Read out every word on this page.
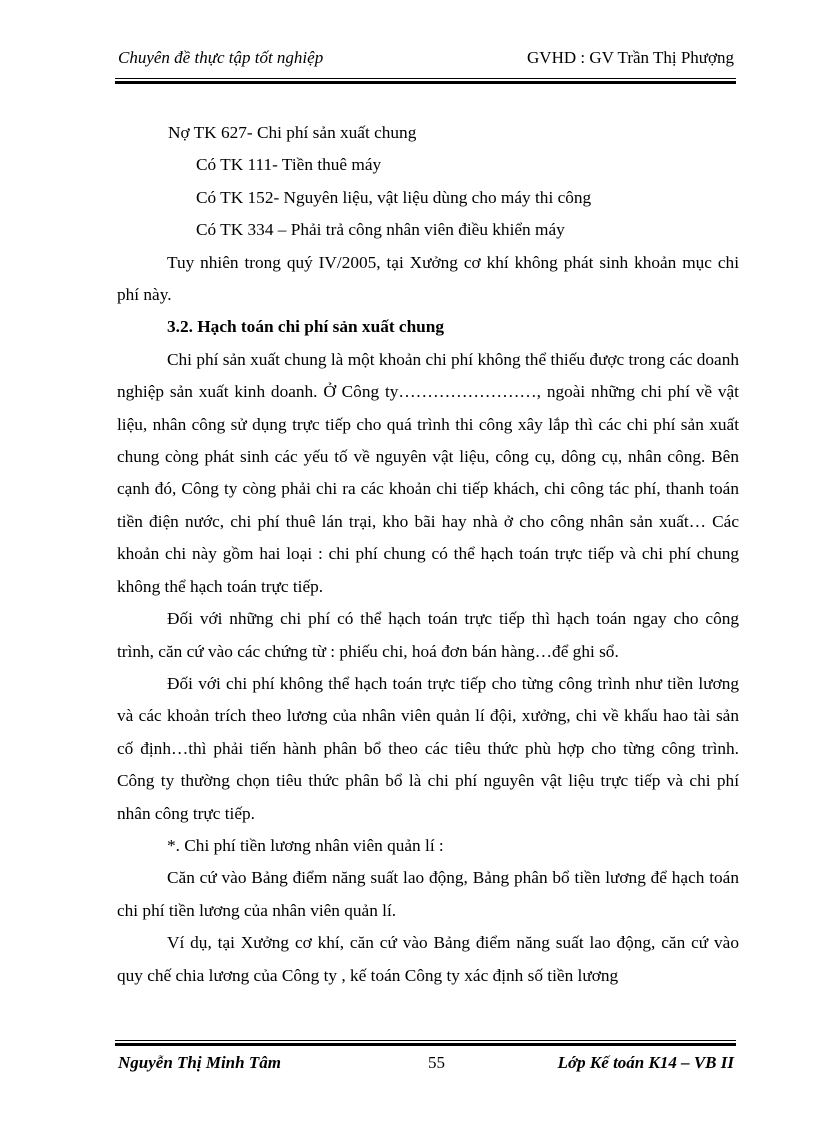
Chuyên đề thực tập tốt nghiệp	GVHD : GV Trần Thị Phượng

Nợ TK 627- Chi phí sản xuất chung

Có TK 111- Tiền thuê máy

Có TK 152- Nguyên liệu, vật liệu dùng cho máy thi công

Có TK 334 – Phải trả công nhân viên điều khiển máy

Tuy nhiên trong quý IV/2005, tại Xưởng cơ khí không phát sinh khoản mục chi phí này.

3.2. Hạch toán chi phí sản xuất chung

Chi phí sản xuất chung là một khoản chi phí không thể thiếu được trong các doanh nghiệp sản xuất kinh doanh. Ở Công ty……………………, ngoài những chi phí về vật liệu, nhân công sử dụng trực tiếp cho quá trình thi công xây lắp thì các chi phí sản xuất chung còng phát sinh các yếu tố về nguyên vật liệu, công cụ, dông cụ, nhân công. Bên cạnh đó, Công ty còng phải chi ra các khoản chi tiếp khách, chi công tác phí, thanh toán tiền điện nước, chi phí thuê lán trại, kho bãi hay nhà ở cho công nhân sản xuất… Các khoản chi này gồm hai loại : chi phí chung có thể hạch toán trực tiếp và chi phí chung không thể hạch toán trực tiếp.

Đối với những chi phí có thể hạch toán trực tiếp thì hạch toán ngay cho công trình, căn cứ vào các chứng từ : phiếu chi, hoá đơn bán hàng…để ghi sổ.

Đối với chi phí không thể hạch toán trực tiếp cho từng công trình như tiền lương và các khoản trích theo lương của nhân viên quản lí đội, xưởng, chi về khấu hao tài sản cố định…thì phải tiến hành phân bổ theo các tiêu thức phù hợp cho từng công trình. Công ty thường chọn tiêu thức phân bổ là chi phí nguyên vật liệu trực tiếp và chi phí nhân công trực tiếp.

*. Chi phí tiền lương nhân viên quản lí :

Căn cứ vào Bảng điểm năng suất lao động, Bảng phân bổ tiền lương để hạch toán chi phí tiền lương của nhân viên quản lí.

Ví dụ, tại Xưởng cơ khí, căn cứ vào Bảng điểm năng suất lao động, căn cứ vào quy chế chia lương của Công ty , kế toán Công ty xác định số tiền lương

Nguyễn Thị Minh Tâm	55	Lớp Kế toán K14 – VB II
